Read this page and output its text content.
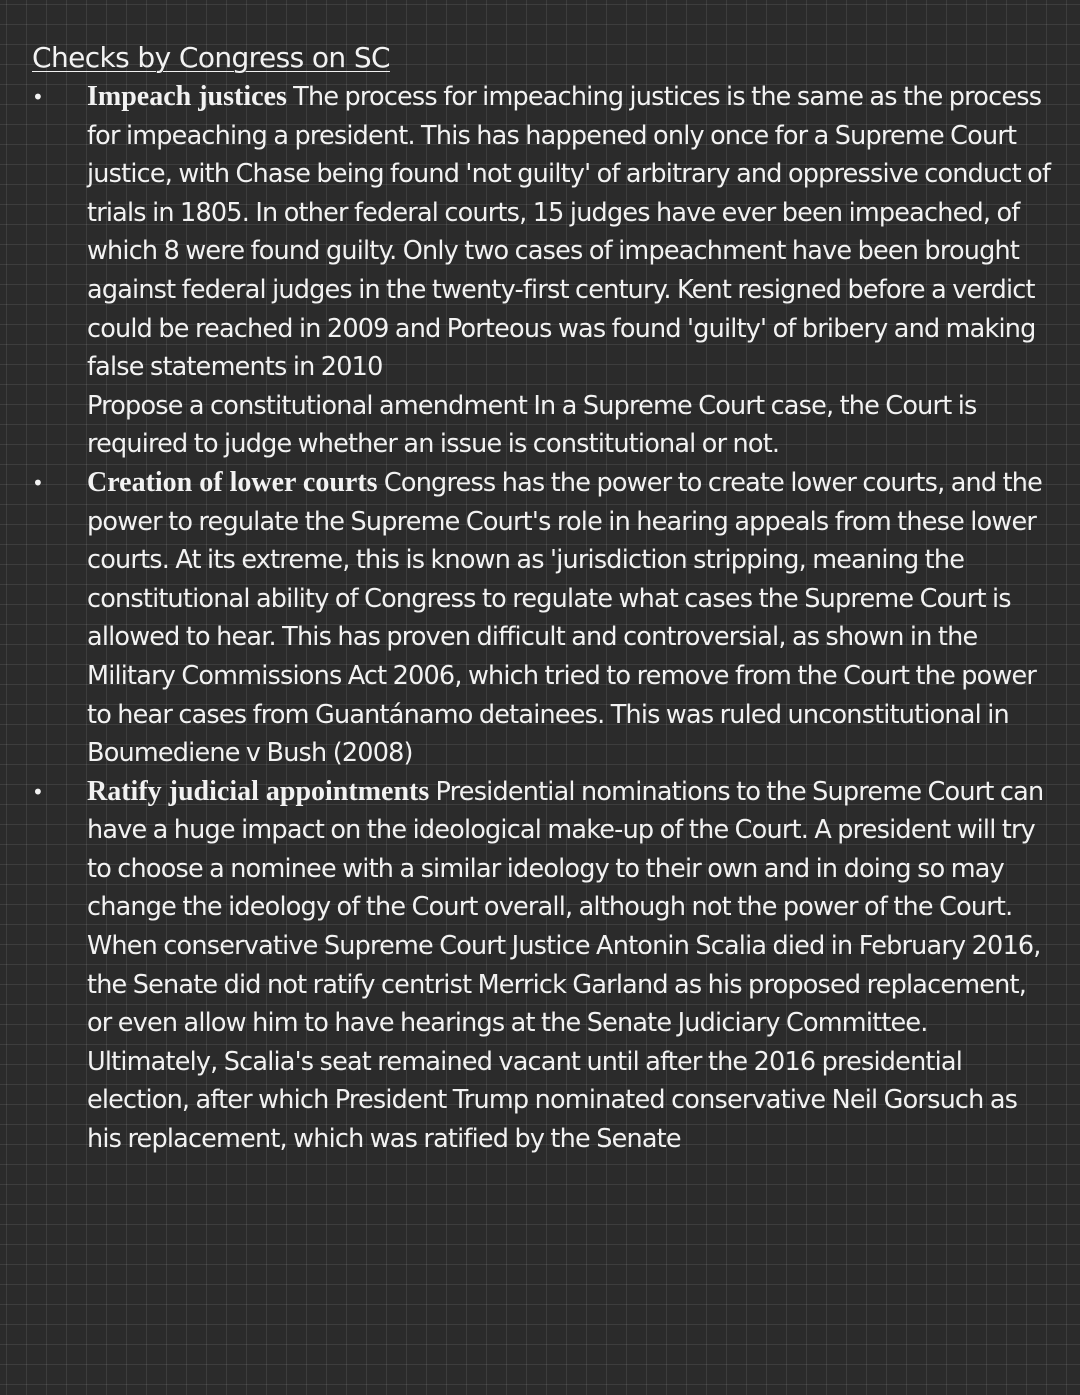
Checks by Congress on SC
• Impeach justices The process for impeaching justices is the same as the process for impeaching a president. This has happened only once for a Supreme Court justice, with Chase being found 'not guilty' of arbitrary and oppressive conduct of trials in 1805. In other federal courts, 15 judges have ever been impeached, of which 8 were found guilty. Only two cases of impeachment have been brought against federal judges in the twenty-first century. Kent resigned before a verdict could be reached in 2009 and Porteous was found 'guilty' of bribery and making false statements in 2010
Propose a constitutional amendment In a Supreme Court case, the Court is required to judge whether an issue is constitutional or not.
• Creation of lower courts Congress has the power to create lower courts, and the power to regulate the Supreme Court's role in hearing appeals from these lower courts. At its extreme, this is known as 'jurisdiction stripping, meaning the constitutional ability of Congress to regulate what cases the Supreme Court is allowed to hear. This has proven difficult and controversial, as shown in the Military Commissions Act 2006, which tried to remove from the Court the power to hear cases from Guantánamo detainees. This was ruled unconstitutional in Boumediene v Bush (2008)
• Ratify judicial appointments Presidential nominations to the Supreme Court can have a huge impact on the ideological make-up of the Court. A president will try to choose a nominee with a similar ideology to their own and in doing so may change the ideology of the Court overall, although not the power of the Court. When conservative Supreme Court Justice Antonin Scalia died in February 2016, the Senate did not ratify centrist Merrick Garland as his proposed replacement, or even allow him to have hearings at the Senate Judiciary Committee. Ultimately, Scalia's seat remained vacant until after the 2016 presidential election, after which President Trump nominated conservative Neil Gorsuch as his replacement, which was ratified by the Senate
